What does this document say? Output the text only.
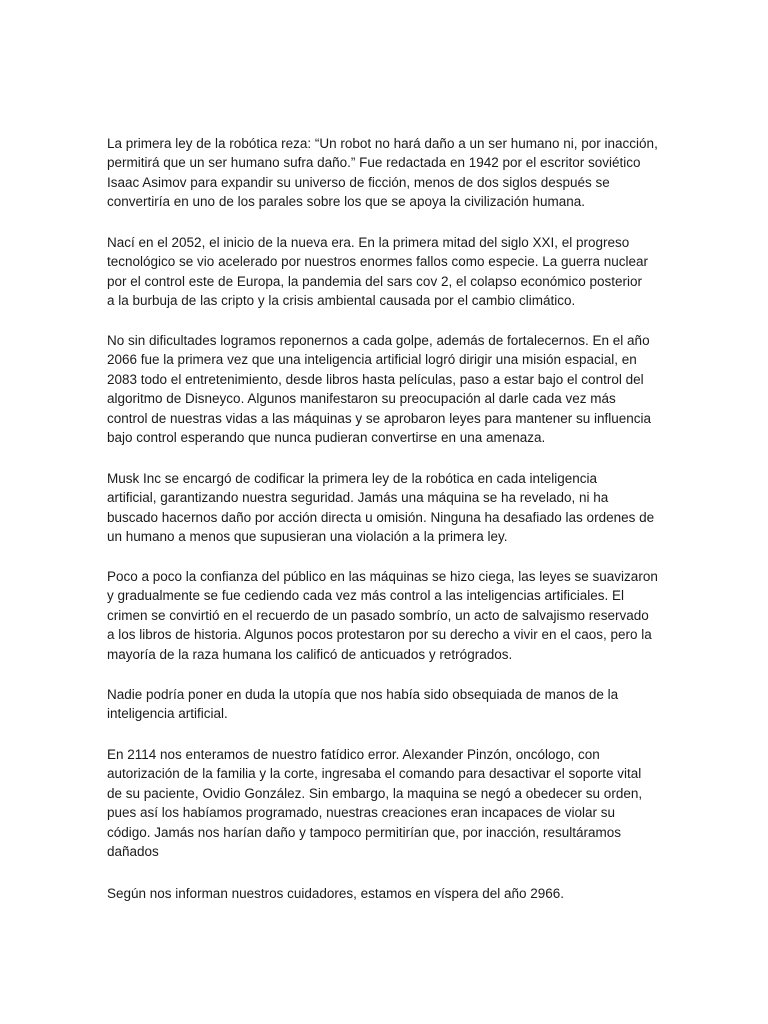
La primera ley de la robótica reza: “Un robot no hará daño a un ser humano ni, por inacción,
permitirá que un ser humano sufra daño.” Fue redactada en 1942 por el escritor soviético
Isaac Asimov para expandir su universo de ficción, menos de dos siglos después se
convertiría en uno de los parales sobre los que se apoya la civilización humana.

Nací en el 2052, el inicio de la nueva era. En la primera mitad del siglo XXI, el progreso
tecnológico se vio acelerado por nuestros enormes fallos como especie. La guerra nuclear
por el control este de Europa, la pandemia del sars cov 2, el colapso económico posterior
a la burbuja de las cripto y la crisis ambiental causada por el cambio climático.

No sin dificultades logramos reponernos a cada golpe, además de fortalecernos. En el año
2066 fue la primera vez que una inteligencia artificial logró dirigir una misión espacial, en
2083 todo el entretenimiento, desde libros hasta películas, paso a estar bajo el control del
algoritmo de Disneyco. Algunos manifestaron su preocupación al darle cada vez más
control de nuestras vidas a las máquinas y se aprobaron leyes para mantener su influencia
bajo control esperando que nunca pudieran convertirse en una amenaza.

Musk Inc se encargó de codificar la primera ley de la robótica en cada inteligencia
artificial, garantizando nuestra seguridad. Jamás una máquina se ha revelado, ni ha
buscado hacernos daño por acción directa u omisión. Ninguna ha desafiado las ordenes de
un humano a menos que supusieran una violación a la primera ley.

Poco a poco la confianza del público en las máquinas se hizo ciega, las leyes se suavizaron
y gradualmente se fue cediendo cada vez más control a las inteligencias artificiales. El
crimen se convirtió en el recuerdo de un pasado sombrío, un acto de salvajismo reservado
a los libros de historia. Algunos pocos protestaron por su derecho a vivir en el caos, pero la
mayoría de la raza humana los calificó de anticuados y retrógrados.

Nadie podría poner en duda la utopía que nos había sido obsequiada de manos de la
inteligencia artificial.

En 2114 nos enteramos de nuestro fatídico error. Alexander Pinzón, oncólogo, con
autorización de la familia y la corte, ingresaba el comando para desactivar el soporte vital
de su paciente, Ovidio González. Sin embargo, la maquina se negó a obedecer su orden,
pues así los habíamos programado, nuestras creaciones eran incapaces de violar su
código. Jamás nos harían daño y tampoco permitirían que, por inacción, resultáramos
dañados

Según nos informan nuestros cuidadores, estamos en víspera del año 2966.
